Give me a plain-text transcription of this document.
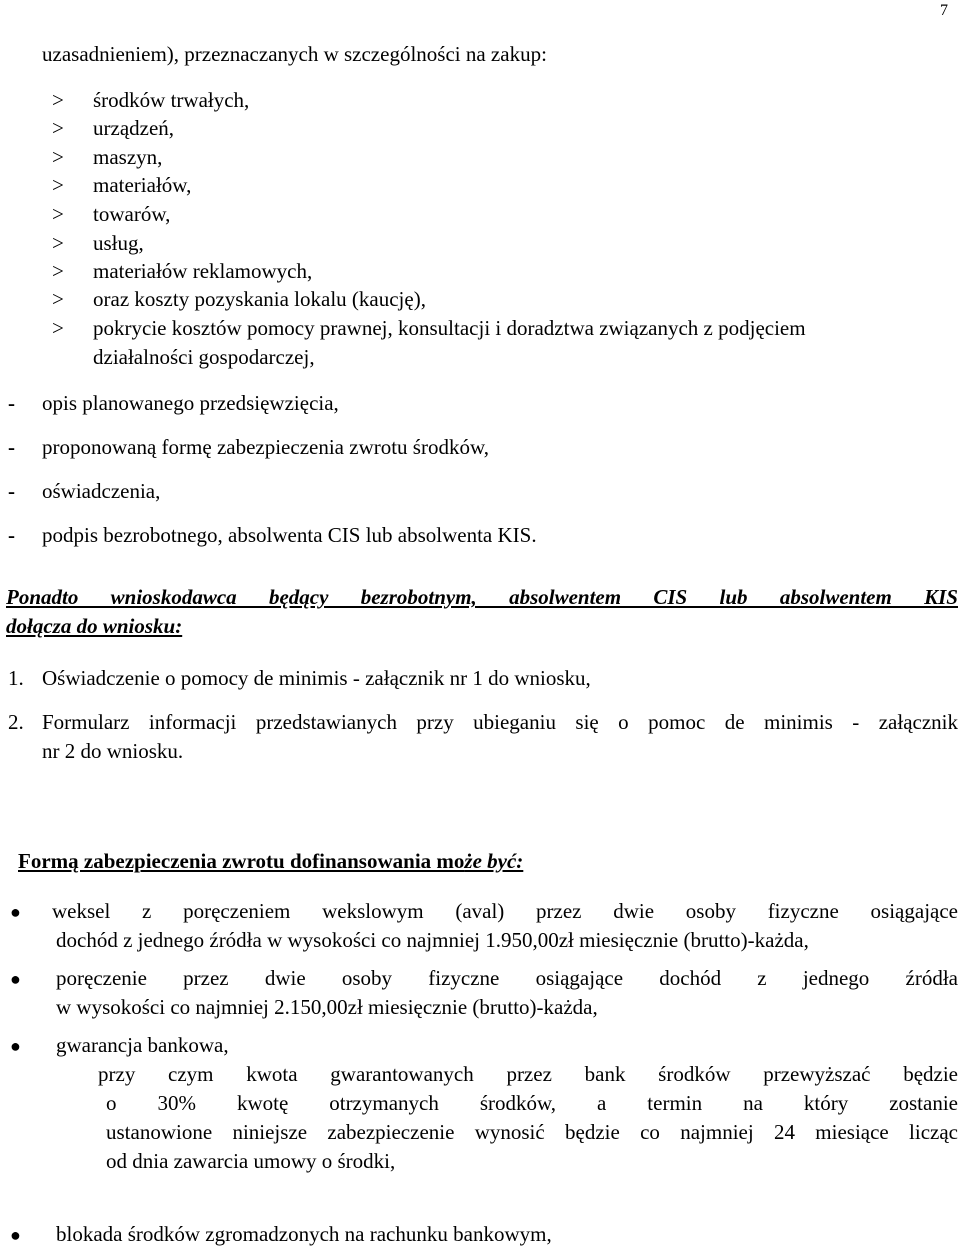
7
uzasadnieniem), przeznaczanych w szczególności na zakup:
> środków trwałych,
> urządzeń,
> maszyn,
> materiałów,
> towarów,
> usług,
> materiałów reklamowych,
> oraz koszty pozyskania lokalu (kaucję),
> pokrycie kosztów pomocy prawnej, konsultacji i doradztwa związanych z podjęciem
działalności gospodarczej,
- opis planowanego przedsięwzięcia,
- proponowaną formę zabezpieczenia zwrotu środków,
- oświadczenia,
- podpis bezrobotnego, absolwenta CIS lub absolwenta KIS.
Ponadto wnioskodawca będący bezrobotnym, absolwentem CIS lub absolwentem KIS
dołącza do wniosku:
1. Oświadczenie o pomocy de minimis - załącznik nr 1 do wniosku,
2. Formularz informacji przedstawianych przy ubieganiu się o pomoc de minimis - załącznik
nr 2 do wniosku.
Formą zabezpieczenia zwrotu dofinansowania może być:
● weksel z poręczeniem wekslowym (aval) przez dwie osoby fizyczne osiągające
dochód z jednego źródła w wysokości co najmniej 1.950,00zł miesięcznie (brutto)-każda,
● poręczenie przez dwie osoby fizyczne osiągające dochód z jednego źródła
w wysokości co najmniej 2.150,00zł miesięcznie (brutto)-każda,
● gwarancja bankowa,
przy czym kwota gwarantowanych przez bank środków przewyższać będzie
o 30% kwotę otrzymanych środków, a termin na który zostanie
ustanowione niniejsze zabezpieczenie wynosić będzie co najmniej 24 miesiące licząc
od dnia zawarcia umowy o środki,
● blokada środków zgromadzonych na rachunku bankowym,
